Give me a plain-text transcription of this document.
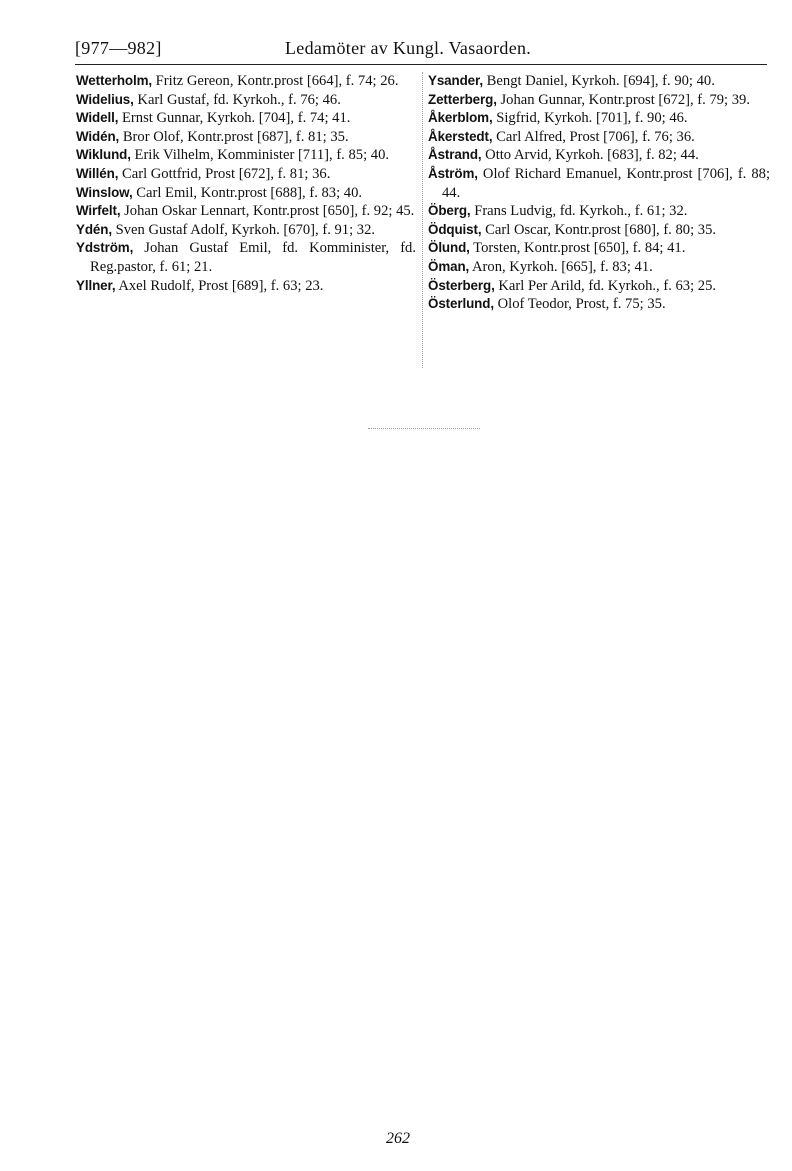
[977—982]	Ledamöter av Kungl. Vasaorden.
Wetterholm, Fritz Gereon, Kontr.prost [664], f. 74; 26.
Widelius, Karl Gustaf, fd. Kyrkoh., f. 76; 46.
Widell, Ernst Gunnar, Kyrkoh. [704], f. 74; 41.
Widén, Bror Olof, Kontr.prost [687], f. 81; 35.
Wiklund, Erik Vilhelm, Komminister [711], f. 85; 40.
Willén, Carl Gottfrid, Prost [672], f. 81; 36.
Winslow, Carl Emil, Kontr.prost [688], f. 83; 40.
Wirfelt, Johan Oskar Lennart, Kontr.prost [650], f. 92; 45.
Ydén, Sven Gustaf Adolf, Kyrkoh. [670], f. 91; 32.
Ydström, Johan Gustaf Emil, fd. Komminister, fd. Reg.pastor, f. 61; 21.
Yllner, Axel Rudolf, Prost [689], f. 63; 23.
Ysander, Bengt Daniel, Kyrkoh. [694], f. 90; 40.
Zetterberg, Johan Gunnar, Kontr.prost [672], f. 79; 39.
Åkerblom, Sigfrid, Kyrkoh. [701], f. 90; 46.
Åkerstedt, Carl Alfred, Prost [706], f. 76; 36.
Åstrand, Otto Arvid, Kyrkoh. [683], f. 82; 44.
Åström, Olof Richard Emanuel, Kontr.prost [706], f. 88; 44.
Öberg, Frans Ludvig, fd. Kyrkoh., f. 61; 32.
Ödquist, Carl Oscar, Kontr.prost [680], f. 80; 35.
Ölund, Torsten, Kontr.prost [650], f. 84; 41.
Öman, Aron, Kyrkoh. [665], f. 83; 41.
Österberg, Karl Per Arild, fd. Kyrkoh., f. 63; 25.
Österlund, Olof Teodor, Prost, f. 75; 35.
262
